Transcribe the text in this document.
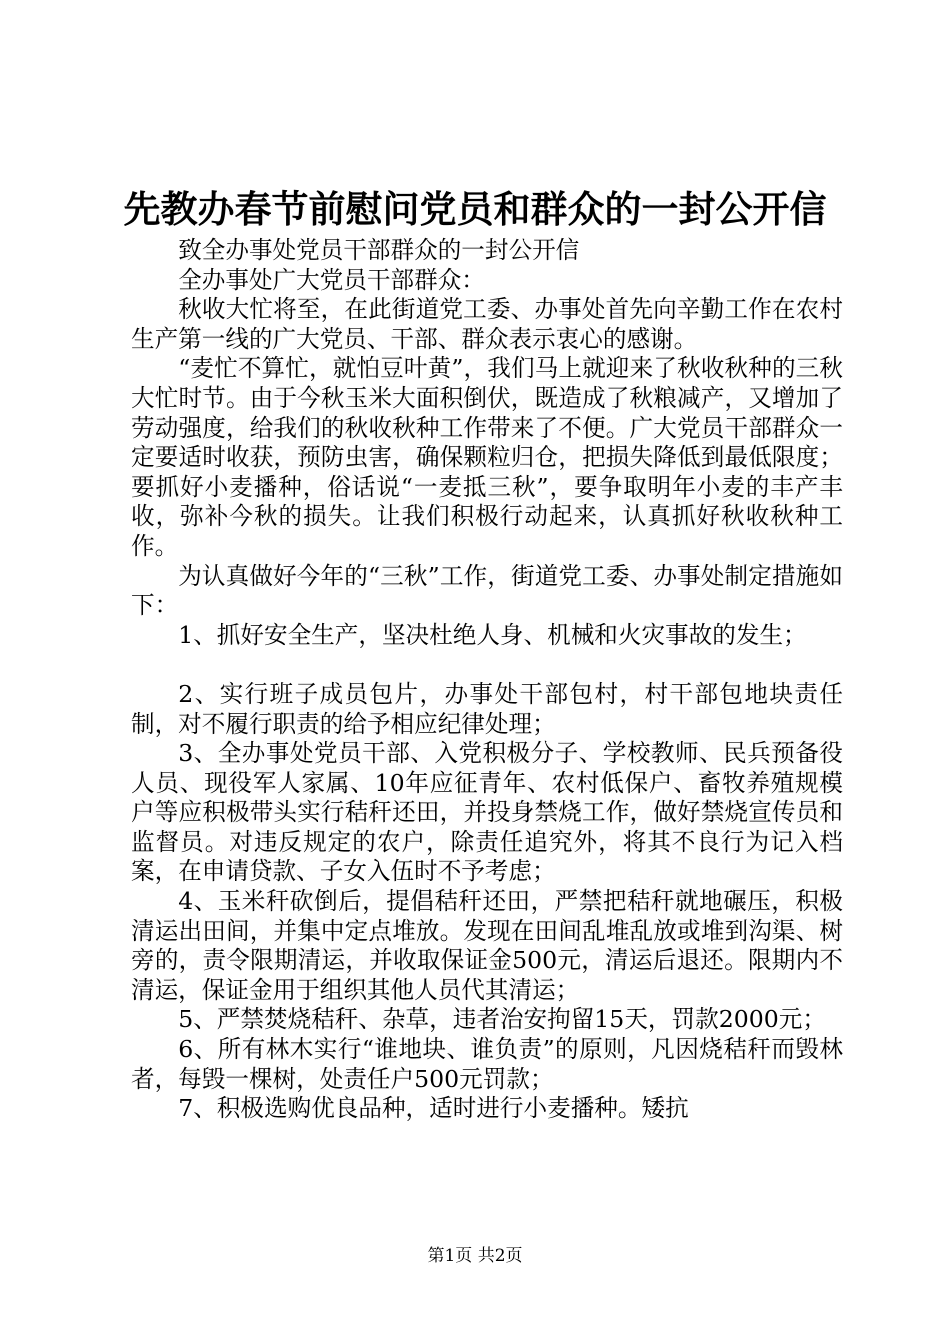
先教办春节前慰问党员和群众的一封公开信

致全办事处党员干部群众的一封公开信

全办事处广大党员干部群众：

秋收大忙将至，在此街道党工委、办事处首先向辛勤工作在农村生产第一线的广大党员、干部、群众表示衷心的感谢。

“麦忙不算忙，就怕豆叶黄”，我们马上就迎来了秋收秋种的三秋大忙时节。由于今秋玉米大面积倒伏，既造成了秋粮减产，又增加了劳动强度，给我们的秋收秋种工作带来了不便。广大党员干部群众一定要适时收获，预防虫害，确保颗粒归仓，把损失降低到最低限度；要抓好小麦播种，俗话说“一麦抵三秋”，要争取明年小麦的丰产丰收，弥补今秋的损失。让我们积极行动起来，认真抓好秋收秋种工作。

为认真做好今年的“三秋”工作，街道党工委、办事处制定措施如下：

1、抓好安全生产，坚决杜绝人身、机械和火灾事故的发生；

2、实行班子成员包片，办事处干部包村，村干部包地块责任制，对不履行职责的给予相应纪律处理；

3、全办事处党员干部、入党积极分子、学校教师、民兵预备役人员、现役军人家属、10年应征青年、农村低保户、畜牧养殖规模户等应积极带头实行秸秆还田，并投身禁烧工作，做好禁烧宣传员和监督员。对违反规定的农户，除责任追究外，将其不良行为记入档案，在申请贷款、子女入伍时不予考虑；

4、玉米秆砍倒后，提倡秸秆还田，严禁把秸秆就地碾压，积极清运出田间，并集中定点堆放。发现在田间乱堆乱放或堆到沟渠、树旁的，责令限期清运，并收取保证金500元，清运后退还。限期内不清运，保证金用于组织其他人员代其清运；

5、严禁焚烧秸秆、杂草，违者治安拘留15天，罚款2000元；

6、所有林木实行“谁地块、谁负责”的原则，凡因烧秸秆而毁林者，每毁一棵树，处责任户500元罚款；

7、积极选购优良品种，适时进行小麦播种。矮抗

第1页 共2页
